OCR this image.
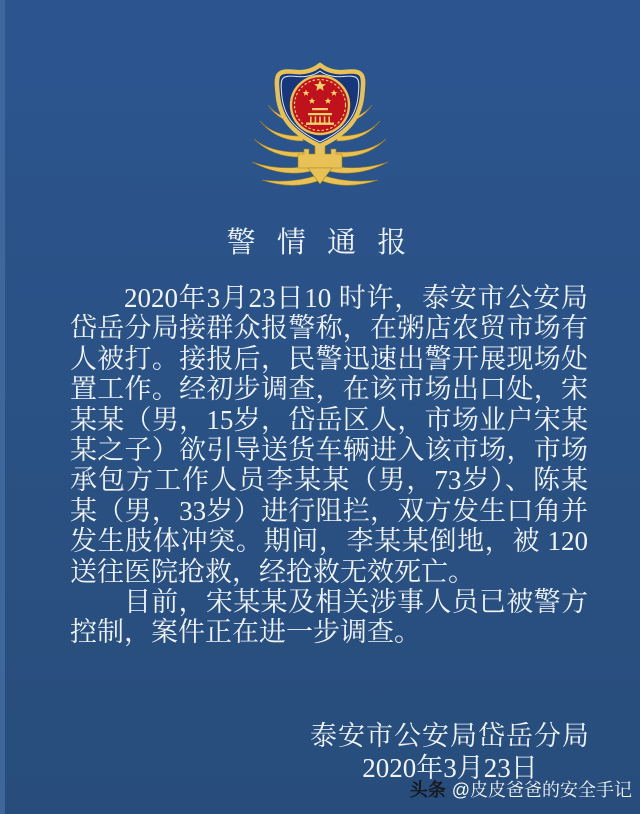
警 情 通 报
2020年3月23日10 时许，泰安市公安局
岱岳分局接群众报警称，在粥店农贸市场有
人被打。接报后，民警迅速出警开展现场处
置工作。经初步调查，在该市场出口处，宋
某某（男，15岁，岱岳区人，市场业户宋某
某之子）欲引导送货车辆进入该市场，市场
承包方工作人员李某某（男，73岁）、陈某
某（男，33岁）进行阻拦，双方发生口角并
发生肢体冲突。期间，李某某倒地，被 120
送往医院抢救，经抢救无效死亡。
目前，宋某某及相关涉事人员已被警方
控制，案件正在进一步调查。
泰安市公安局岱岳分局
2020年3月23日
头条 @皮皮爸爸的安全手记
